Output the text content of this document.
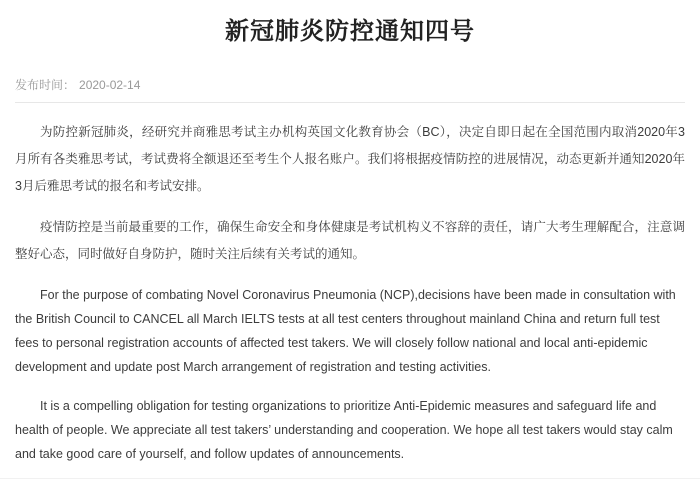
新冠肺炎防控通知四号
发布时间： 2020-02-14

为防控新冠肺炎，经研究并商雅思考试主办机构英国文化教育协会（BC），决定自即日起在全国范围内取消2020年3月所有各类雅思考试，考试费将全额退还至考生个人报名账户。我们将根据疫情防控的进展情况，动态更新并通知2020年3月后雅思考试的报名和考试安排。

疫情防控是当前最重要的工作，确保生命安全和身体健康是考试机构义不容辞的责任，请广大考生理解配合，注意调整好心态，同时做好自身防护，随时关注后续有关考试的通知。

For the purpose of combating Novel Coronavirus Pneumonia (NCP),decisions have been made in consultation with the British Council to CANCEL all March IELTS tests at all test centers throughout mainland China and return full test fees to personal registration accounts of affected test takers. We will closely follow national and local anti-epidemic development and update post March arrangement of registration and testing activities.

It is a compelling obligation for testing organizations to prioritize Anti-Epidemic measures and safeguard life and health of people. We appreciate all test takers’ understanding and cooperation. We hope all test takers would stay calm and take good care of yourself, and follow updates of announcements.
